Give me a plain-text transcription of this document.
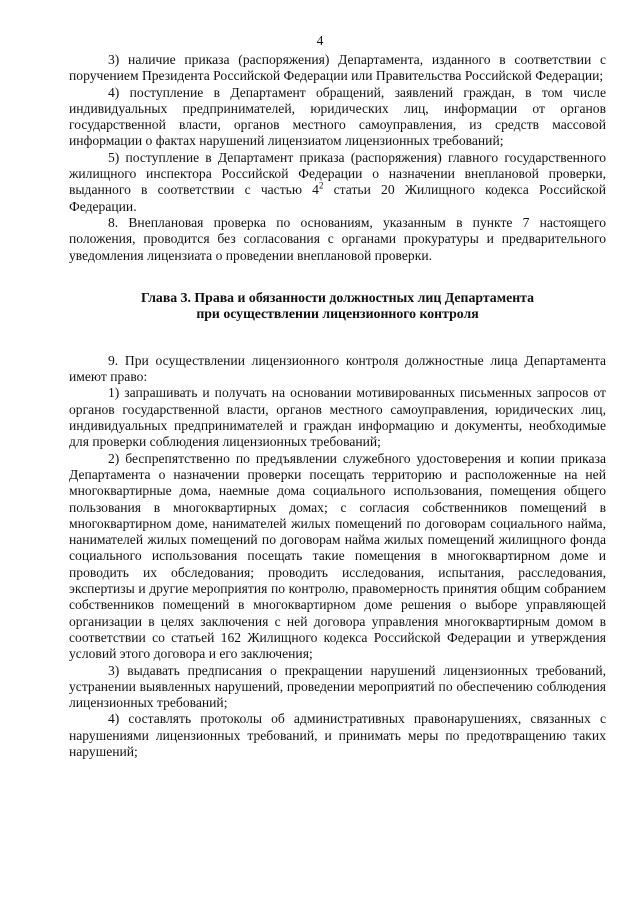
4

3) наличие приказа (распоряжения) Департамента, изданного в соответствии с поручением Президента Российской Федерации или Правительства Российской Федерации;

4) поступление в Департамент обращений, заявлений граждан, в том числе индивидуальных предпринимателей, юридических лиц, информации от органов государственной власти, органов местного самоуправления, из средств массовой информации о фактах нарушений лицензиатом лицензионных требований;

5) поступление в Департамент приказа (распоряжения) главного государственного жилищного инспектора Российской Федерации о назначении внеплановой проверки, выданного в соответствии с частью $4^2$ статьи 20 Жилищного кодекса Российской Федерации.

8. Внеплановая проверка по основаниям, указанным в пункте 7 настоящего положения, проводится без согласования с органами прокуратуры и предварительного уведомления лицензиата о проведении внеплановой проверки.

Глава 3. Права и обязанности должностных лиц Департамента
при осуществлении лицензионного контроля

9. При осуществлении лицензионного контроля должностные лица Департамента имеют право:

1) запрашивать и получать на основании мотивированных письменных запросов от органов государственной власти, органов местного самоуправления, юридических лиц, индивидуальных предпринимателей и граждан информацию и документы, необходимые для проверки соблюдения лицензионных требований;

2) беспрепятственно по предъявлении служебного удостоверения и копии приказа Департамента о назначении проверки посещать территорию и расположенные на ней многоквартирные дома, наемные дома социального использования, помещения общего пользования в многоквартирных домах; с согласия собственников помещений в многоквартирном доме, нанимателей жилых помещений по договорам социального найма, нанимателей жилых помещений по договорам найма жилых помещений жилищного фонда социального использования посещать такие помещения в многоквартирном доме и проводить их обследования; проводить исследования, испытания, расследования, экспертизы и другие мероприятия по контролю, правомерность принятия общим собранием собственников помещений в многоквартирном доме решения о выборе управляющей организации в целях заключения с ней договора управления многоквартирным домом в соответствии со статьей 162 Жилищного кодекса Российской Федерации и утверждения условий этого договора и его заключения;

3) выдавать предписания о прекращении нарушений лицензионных требований, устранении выявленных нарушений, проведении мероприятий по обеспечению соблюдения лицензионных требований;

4) составлять протоколы об административных правонарушениях, связанных с нарушениями лицензионных требований, и принимать меры по предотвращению таких нарушений;
